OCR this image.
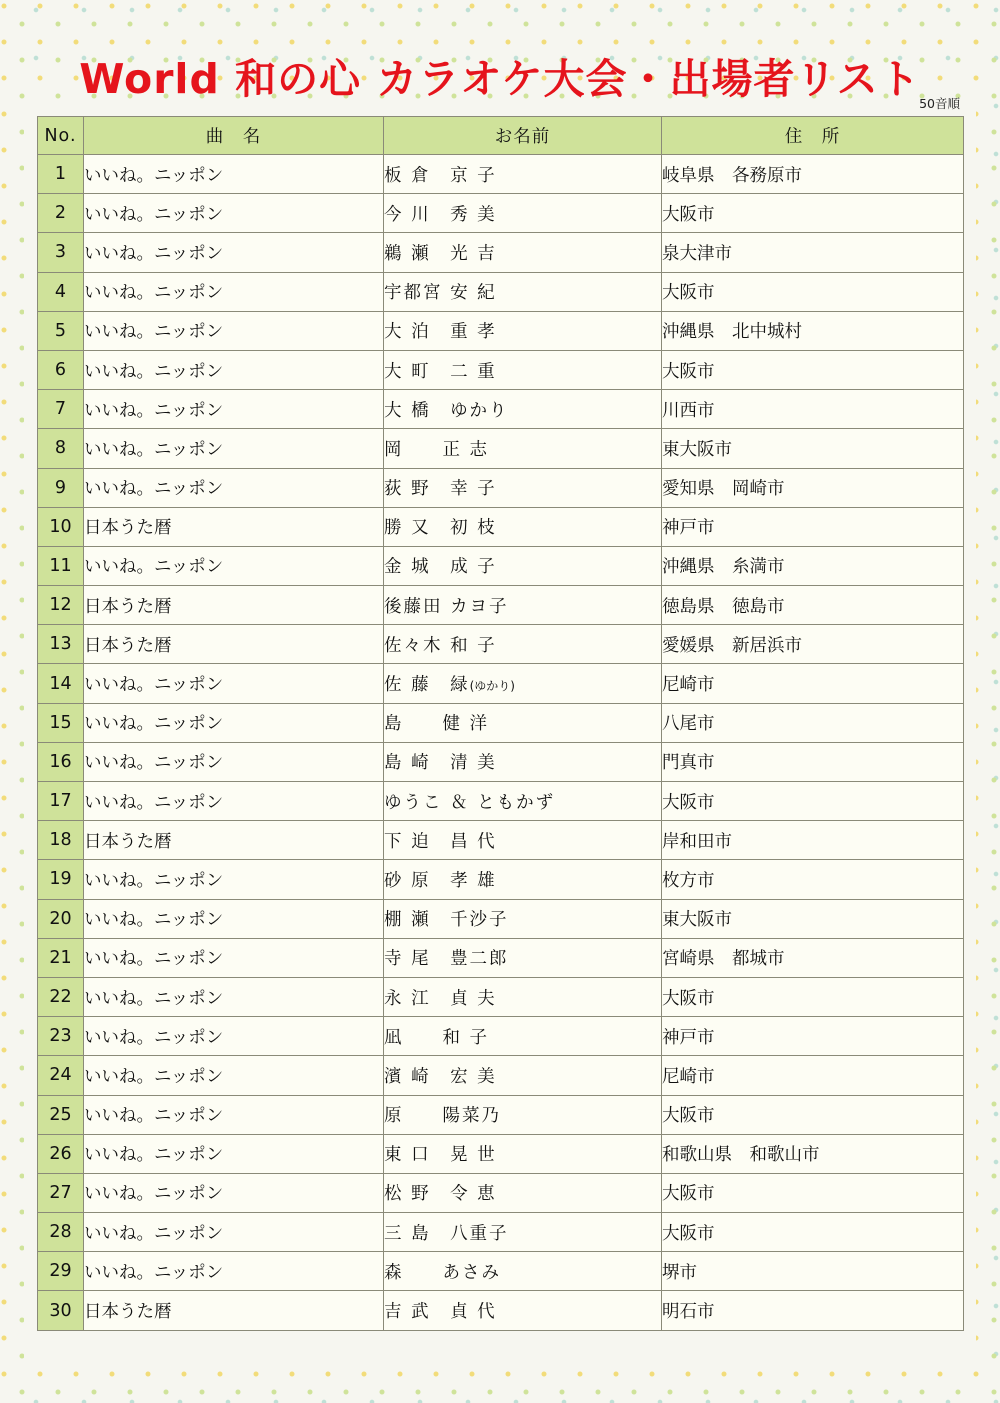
World 和の心 カラオケ大会・出場者リスト
50音順
No.	曲　名	お名前	住　所
1	いいね。ニッポン	板 倉　京 子	岐阜県　各務原市
2	いいね。ニッポン	今 川　秀 美	大阪市
3	いいね。ニッポン	鵜 瀬　光 吉	泉大津市
4	いいね。ニッポン	宇都宮 安 紀	大阪市
5	いいね。ニッポン	大 泊　重 孝	沖縄県　北中城村
6	いいね。ニッポン	大 町　二 重	大阪市
7	いいね。ニッポン	大 橋　ゆかり	川西市
8	いいね。ニッポン	岡　　正 志	東大阪市
9	いいね。ニッポン	荻 野　幸 子	愛知県　岡崎市
10	日本うた暦	勝 又　初 枝	神戸市
11	いいね。ニッポン	金 城　成 子	沖縄県　糸満市
12	日本うた暦	後藤田 カヨ子	徳島県　徳島市
13	日本うた暦	佐々木 和 子	愛媛県　新居浜市
14	いいね。ニッポン	佐 藤　緑(ゆかり)	尼崎市
15	いいね。ニッポン	島　　健 洋	八尾市
16	いいね。ニッポン	島 崎　清 美	門真市
17	いいね。ニッポン	ゆうこ ＆ ともかず	大阪市
18	日本うた暦	下 迫　昌 代	岸和田市
19	いいね。ニッポン	砂 原　孝 雄	枚方市
20	いいね。ニッポン	棚 瀬　千沙子	東大阪市
21	いいね。ニッポン	寺 尾　豊二郎	宮崎県　都城市
22	いいね。ニッポン	永 江　貞 夫	大阪市
23	いいね。ニッポン	凪　　和 子	神戸市
24	いいね。ニッポン	濱 崎　宏 美	尼崎市
25	いいね。ニッポン	原　　陽菜乃	大阪市
26	いいね。ニッポン	東 口　晃 世	和歌山県　和歌山市
27	いいね。ニッポン	松 野　令 恵	大阪市
28	いいね。ニッポン	三 島　八重子	大阪市
29	いいね。ニッポン	森　　あさみ	堺市
30	日本うた暦	吉 武　貞 代	明石市
